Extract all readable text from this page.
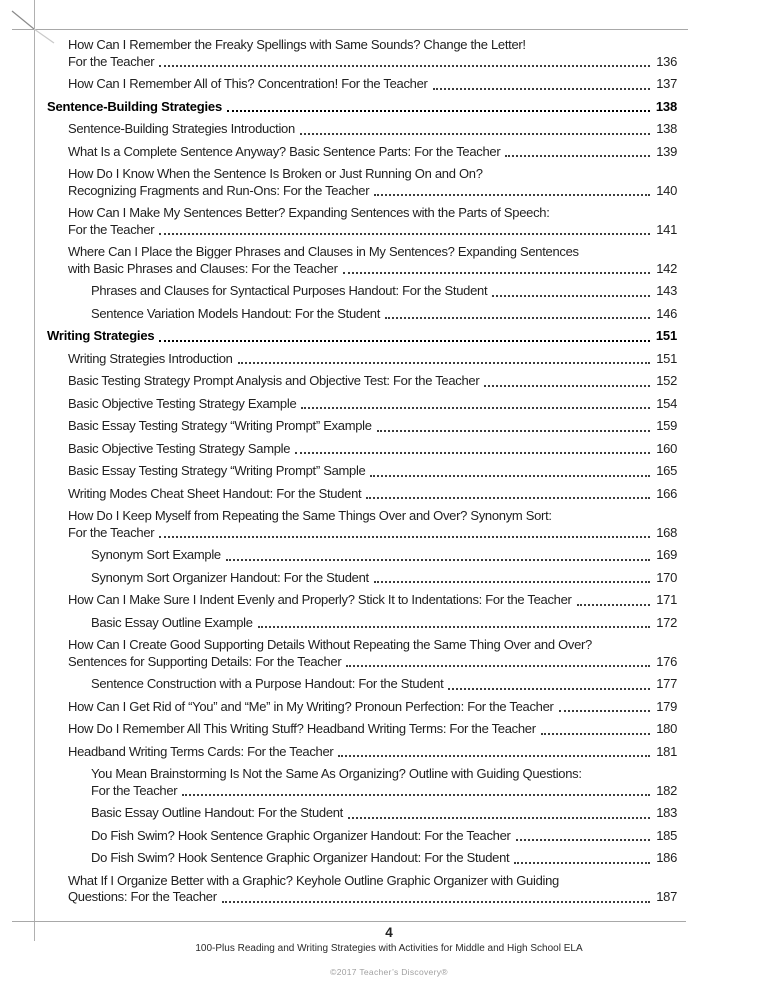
How Can I Remember the Freaky Spellings with Same Sounds? Change the Letter!
For the Teacher	136
How Can I Remember All of This? Concentration! For the Teacher	137
Sentence-Building Strategies	138
Sentence-Building Strategies Introduction	138
What Is a Complete Sentence Anyway? Basic Sentence Parts: For the Teacher	139
How Do I Know When the Sentence Is Broken or Just Running On and On?
Recognizing Fragments and Run-Ons: For the Teacher	140
How Can I Make My Sentences Better? Expanding Sentences with the Parts of Speech:
For the Teacher	141
Where Can I Place the Bigger Phrases and Clauses in My Sentences? Expanding Sentences
with Basic Phrases and Clauses: For the Teacher	142
Phrases and Clauses for Syntactical Purposes Handout: For the Student	143
Sentence Variation Models Handout: For the Student	146
Writing Strategies	151
Writing Strategies Introduction	151
Basic Testing Strategy Prompt Analysis and Objective Test: For the Teacher	152
Basic Objective Testing Strategy Example	154
Basic Essay Testing Strategy “Writing Prompt” Example	159
Basic Objective Testing Strategy Sample	160
Basic Essay Testing Strategy “Writing Prompt” Sample	165
Writing Modes Cheat Sheet Handout: For the Student	166
How Do I Keep Myself from Repeating the Same Things Over and Over? Synonym Sort:
For the Teacher	168
Synonym Sort Example	169
Synonym Sort Organizer Handout: For the Student	170
How Can I Make Sure I Indent Evenly and Properly? Stick It to Indentations: For the Teacher	171
Basic Essay Outline Example	172
How Can I Create Good Supporting Details Without Repeating the Same Thing Over and Over?
Sentences for Supporting Details: For the Teacher	176
Sentence Construction with a Purpose Handout: For the Student	177
How Can I Get Rid of “You” and “Me” in My Writing? Pronoun Perfection: For the Teacher	179
How Do I Remember All This Writing Stuff? Headband Writing Terms: For the Teacher	180
Headband Writing Terms Cards: For the Teacher	181
You Mean Brainstorming Is Not the Same As Organizing? Outline with Guiding Questions:
For the Teacher	182
Basic Essay Outline Handout: For the Student	183
Do Fish Swim? Hook Sentence Graphic Organizer Handout: For the Teacher	185
Do Fish Swim? Hook Sentence Graphic Organizer Handout: For the Student	186
What If I Organize Better with a Graphic? Keyhole Outline Graphic Organizer with Guiding
Questions: For the Teacher	187
4
100-Plus Reading and Writing Strategies with Activities for Middle and High School ELA
©2017 Teacher’s Discovery®
